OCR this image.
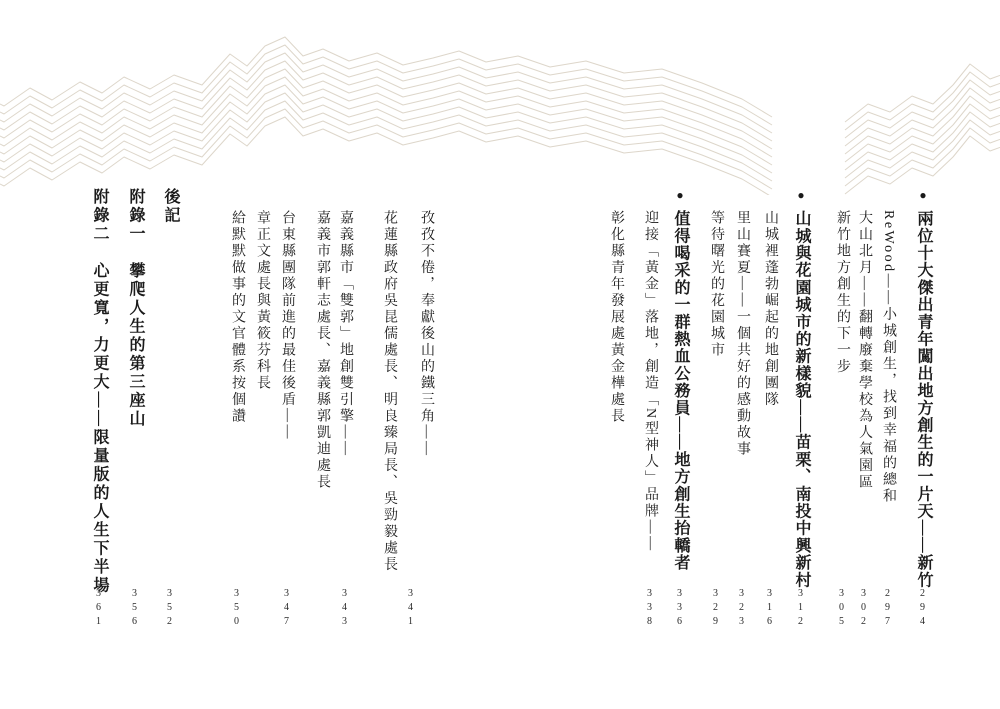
●兩位十大傑出青年闖出地方創生的一片天——新竹
294
ReWood——小城創生，找到幸福的總和
297
大山北月——翻轉廢棄學校為人氣園區
302
新竹地方創生的下一步
305
●山城與花園城市的新樣貌——苗栗、南投中興新村
312
山城裡蓬勃崛起的地創團隊
316
里山賽夏——一個共好的感動故事
323
等待曙光的花園城市
329
●值得喝采的一群熱血公務員——地方創生抬轎者
336
迎接「黃金」落地，創造「N型神人」品牌——
彰化縣青年發展處黃金樺處長
338
孜孜不倦，奉獻後山的鐵三角——
花蓮縣政府吳昆儒處長、明良臻局長、吳勁毅處長
341
嘉義縣市「雙郭」地創雙引擎——
嘉義市郭軒志處長、嘉義縣郭凱迪處長
343
台東縣團隊前進的最佳後盾——
章正文處長與黃筱芬科長
347
給默默做事的文官體系按個讚
350
後記
352
附錄一　攀爬人生的第三座山
356
附錄二　心更寬，力更大——限量版的人生下半場
361
